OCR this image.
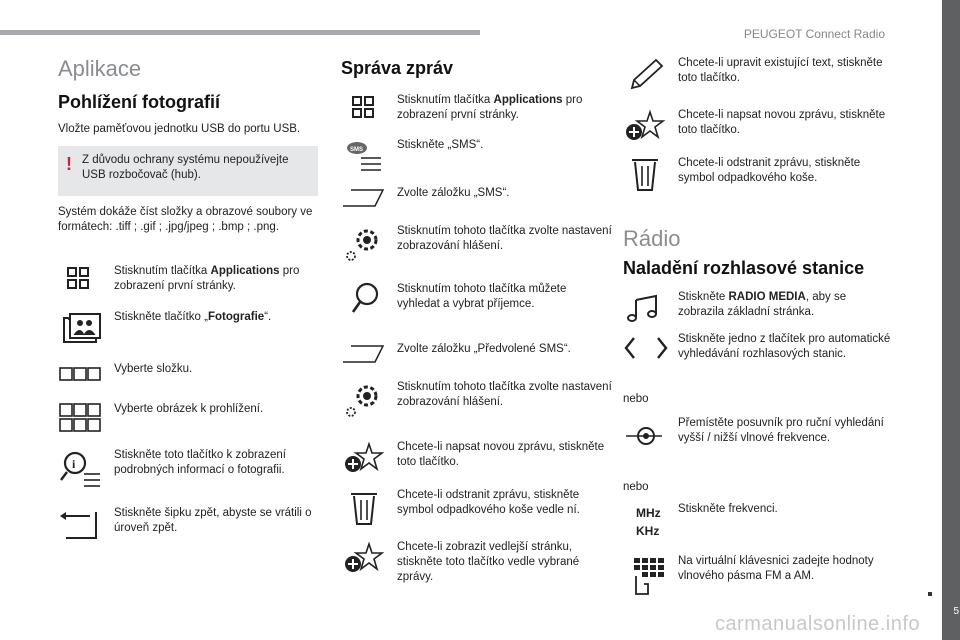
PEUGEOT Connect Radio
5
Aplikace
Pohlížení fotografií
Vložte paměťovou jednotku USB do portu USB.
! Z důvodu ochrany systému nepoužívejte USB rozbočovač (hub).
Systém dokáže číst složky a obrazové soubory ve formátech: .tiff ; .gif ; .jpg/jpeg ; .bmp ; .png.
Stisknutím tlačítka Applications pro zobrazení první stránky.
Stiskněte tlačítko „Fotografie“.
Vyberte složku.
Vyberte obrázek k prohlížení.
i
Stiskněte toto tlačítko k zobrazení podrobných informací o fotografii.
Stiskněte šipku zpět, abyste se vrátili o úroveň zpět.
Správa zpráv
Stisknutím tlačítka Applications pro zobrazení první stránky.
SMS	Stiskněte „SMS“.
Zvolte záložku „SMS“.
Stisknutím tohoto tlačítka zvolte nastavení zobrazování hlášení.
Stisknutím tohoto tlačítka můžete vyhledat a vybrat příjemce.
Zvolte záložku „Předvolené SMS“.
Stisknutím tohoto tlačítka zvolte nastavení zobrazování hlášení.
Chcete-li napsat novou zprávu, stiskněte toto tlačítko.
Chcete-li odstranit zprávu, stiskněte symbol odpadkového koše vedle ní.
Chcete-li zobrazit vedlejší stránku, stiskněte toto tlačítko vedle vybrané zprávy.
Chcete-li upravit existující text, stiskněte toto tlačítko.
Chcete-li napsat novou zprávu, stiskněte toto tlačítko.
Chcete-li odstranit zprávu, stiskněte symbol odpadkového koše.
Rádio
Naladění rozhlasové stanice
Stiskněte RADIO MEDIA, aby se zobrazila základní stránka.
Stiskněte jedno z tlačítek pro automatické vyhledávání rozhlasových stanic.
nebo
Přemístěte posuvník pro ruční vyhledání vyšší / nižší vlnové frekvence.
nebo
MHz
KHz
Stiskněte frekvenci.
Na virtuální klávesnici zadejte hodnoty vlnového pásma FM a AM.
carmanualsonline.info
